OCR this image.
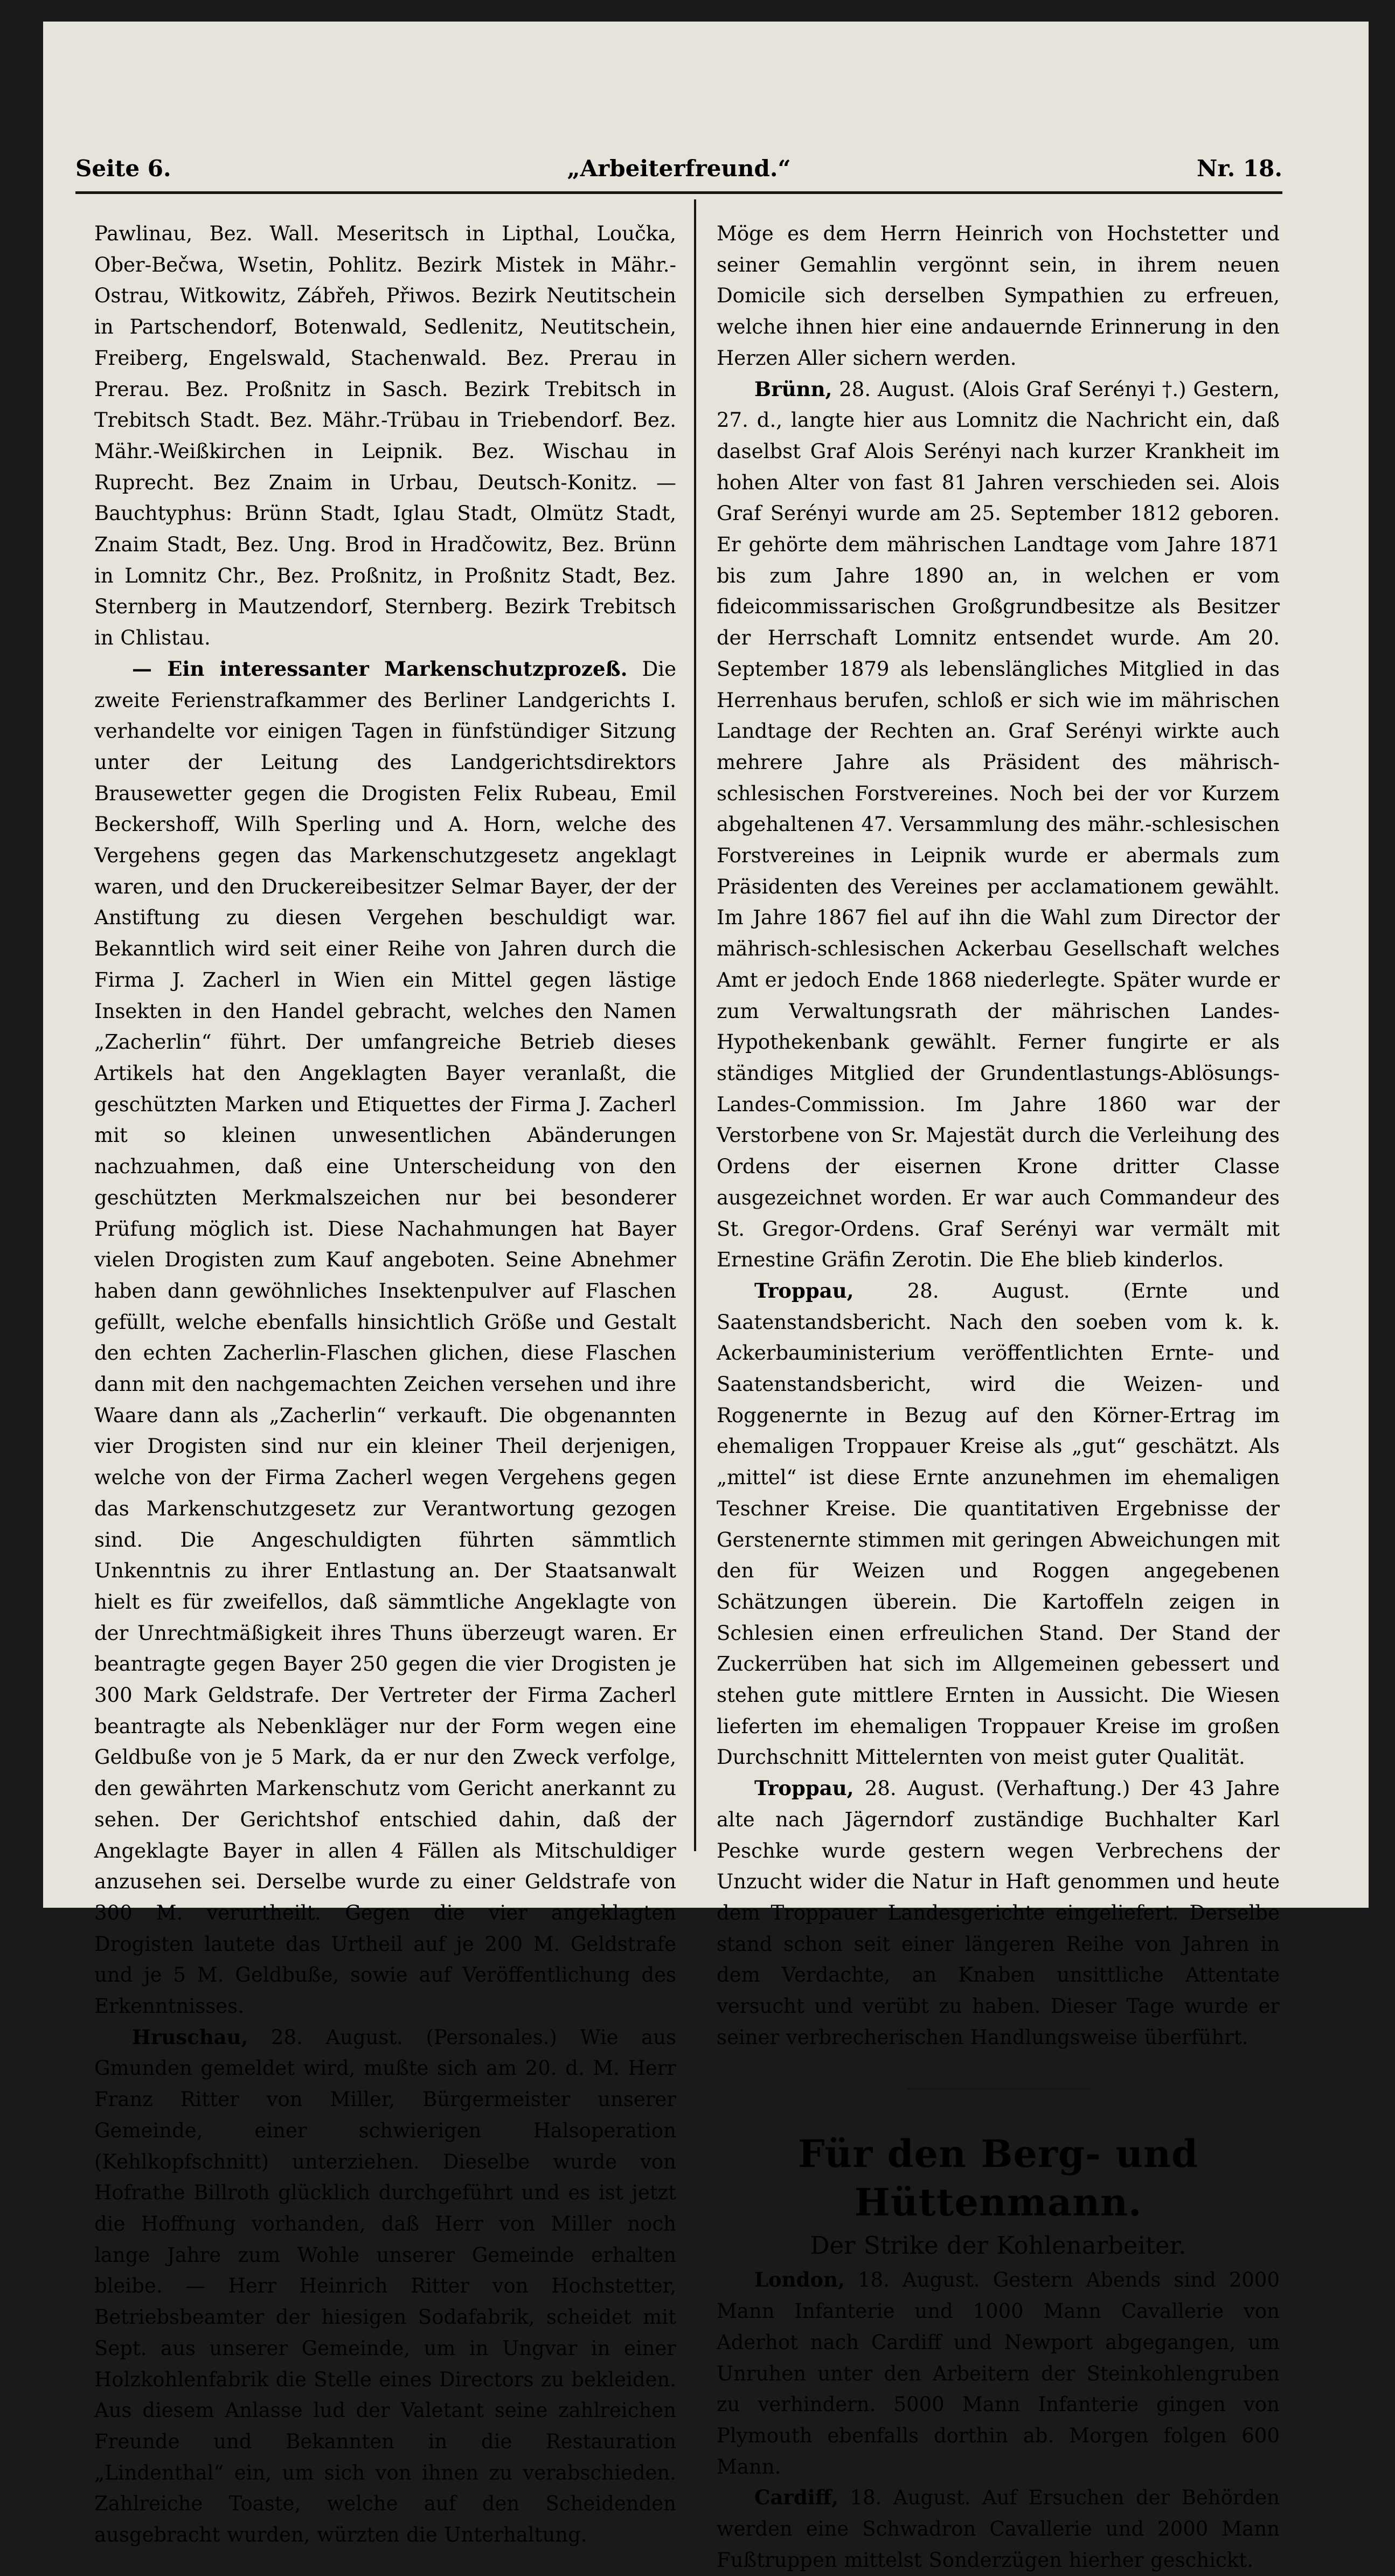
Seite 6.	„Arbeiterfreund.“	Nr. 18.

Pawlinau, Bez. Wall. Meseritsch in Lipthal, Loučka, Ober-Bečwa, Wsetin, Pohlitz. Bezirk Mistek in Mähr.-Ostrau, Witkowitz, Zábřeh, Přiwos. Bezirk Neutitschein in Partschendorf, Botenwald, Sedlenitz, Neutitschein, Freiberg, Engelswald, Stachenwald. Bez. Prerau in Prerau. Bez. Proßnitz in Sasch. Bezirk Trebitsch in Trebitsch Stadt. Bez. Mähr.-Trübau in Triebendorf. Bez. Mähr.-Weißkirchen in Leipnik. Bez. Wischau in Ruprecht. Bez Znaim in Urbau, Deutsch-Konitz. — Bauchtyphus: Brünn Stadt, Iglau Stadt, Olmütz Stadt, Znaim Stadt, Bez. Ung. Brod in Hradčowitz, Bez. Brünn in Lomnitz Chr., Bez. Proßnitz, in Proßnitz Stadt, Bez. Sternberg in Mautzendorf, Sternberg. Bezirk Trebitsch in Chlistau.

— Ein interessanter Markenschutzprozeß. Die zweite Ferienstrafkammer des Berliner Landgerichts I. verhandelte vor einigen Tagen in fünfstündiger Sitzung unter der Leitung des Landgerichtsdirektors Brausewetter gegen die Drogisten Felix Rubeau, Emil Beckershoff, Wilh Sperling und A. Horn, welche des Vergehens gegen das Markenschutzgesetz angeklagt waren, und den Druckereibesitzer Selmar Bayer, der der Anstiftung zu diesen Vergehen beschuldigt war. Bekanntlich wird seit einer Reihe von Jahren durch die Firma J. Zacherl in Wien ein Mittel gegen lästige Insekten in den Handel gebracht, welches den Namen „Zacherlin“ führt. Der umfangreiche Betrieb dieses Artikels hat den Angeklagten Bayer veranlaßt, die geschützten Marken und Etiquettes der Firma J. Zacherl mit so kleinen unwesentlichen Abänderungen nachzuahmen, daß eine Unterscheidung von den geschützten Merkmalszeichen nur bei besonderer Prüfung möglich ist. Diese Nachahmungen hat Bayer vielen Drogisten zum Kauf angeboten. Seine Abnehmer haben dann gewöhnliches Insektenpulver auf Flaschen gefüllt, welche ebenfalls hinsichtlich Größe und Gestalt den echten Zacherlin-Flaschen glichen, diese Flaschen dann mit den nachgemachten Zeichen versehen und ihre Waare dann als „Zacherlin“ verkauft. Die obgenannten vier Drogisten sind nur ein kleiner Theil derjenigen, welche von der Firma Zacherl wegen Vergehens gegen das Markenschutzgesetz zur Verantwortung gezogen sind. Die Angeschuldigten führten sämmtlich Unkenntnis zu ihrer Entlastung an. Der Staatsanwalt hielt es für zweifellos, daß sämmtliche Angeklagte von der Unrechtmäßigkeit ihres Thuns überzeugt waren. Er beantragte gegen Bayer 250 gegen die vier Drogisten je 300 Mark Geldstrafe. Der Vertreter der Firma Zacherl beantragte als Nebenkläger nur der Form wegen eine Geldbuße von je 5 Mark, da er nur den Zweck verfolge, den gewährten Markenschutz vom Gericht anerkannt zu sehen. Der Gerichtshof entschied dahin, daß der Angeklagte Bayer in allen 4 Fällen als Mitschuldiger anzusehen sei. Derselbe wurde zu einer Geldstrafe von 300 M. verurtheilt. Gegen die vier angeklagten Drogisten lautete das Urtheil auf je 200 M. Geldstrafe und je 5 M. Geldbuße, sowie auf Veröffentlichung des Erkenntnisses.

Hruschau, 28. August. (Personales.) Wie aus Gmunden gemeldet wird, mußte sich am 20. d. M. Herr Franz Ritter von Miller, Bürgermeister unserer Gemeinde, einer schwierigen Halsoperation (Kehlkopfschnitt) unterziehen. Dieselbe wurde von Hofrathe Billroth glücklich durchgeführt und es ist jetzt die Hoffnung vorhanden, daß Herr von Miller noch lange Jahre zum Wohle unserer Gemeinde erhalten bleibe. — Herr Heinrich Ritter von Hochstetter, Betriebsbeamter der hiesigen Sodafabrik, scheidet mit Sept. aus unserer Gemeinde, um in Ungvar in einer Holzkohlenfabrik die Stelle eines Directors zu bekleiden. Aus diesem Anlasse lud der Valetant seine zahlreichen Freunde und Bekannten in die Restauration „Lindenthal“ ein, um sich von ihnen zu verabschieden. Zahlreiche Toaste, welche auf den Scheidenden ausgebracht wurden, würzten die Unterhaltung.

Möge es dem Herrn Heinrich von Hochstetter und seiner Gemahlin vergönnt sein, in ihrem neuen Domicile sich derselben Sympathien zu erfreuen, welche ihnen hier eine andauernde Erinnerung in den Herzen Aller sichern werden.

Brünn, 28. August. (Alois Graf Serényi †.) Gestern, 27. d., langte hier aus Lomnitz die Nachricht ein, daß daselbst Graf Alois Serényi nach kurzer Krankheit im hohen Alter von fast 81 Jahren verschieden sei. Alois Graf Serényi wurde am 25. September 1812 geboren. Er gehörte dem mährischen Landtage vom Jahre 1871 bis zum Jahre 1890 an, in welchen er vom fideicommissarischen Großgrundbesitze als Besitzer der Herrschaft Lomnitz entsendet wurde. Am 20. September 1879 als lebenslängliches Mitglied in das Herrenhaus berufen, schloß er sich wie im mährischen Landtage der Rechten an. Graf Serényi wirkte auch mehrere Jahre als Präsident des mährisch-schlesischen Forstvereines. Noch bei der vor Kurzem abgehaltenen 47. Versammlung des mähr.-schlesischen Forstvereines in Leipnik wurde er abermals zum Präsidenten des Vereines per acclamationem gewählt. Im Jahre 1867 fiel auf ihn die Wahl zum Director der mährisch-schlesischen Ackerbau Gesellschaft welches Amt er jedoch Ende 1868 niederlegte. Später wurde er zum Verwaltungsrath der mährischen Landes-Hypothekenbank gewählt. Ferner fungirte er als ständiges Mitglied der Grundentlastungs-Ablösungs-Landes-Commission. Im Jahre 1860 war der Verstorbene von Sr. Majestät durch die Verleihung des Ordens der eisernen Krone dritter Classe ausgezeichnet worden. Er war auch Commandeur des St. Gregor-Ordens. Graf Serényi war vermält mit Ernestine Gräfin Zerotin. Die Ehe blieb kinderlos.

Troppau, 28. August. (Ernte und Saatenstandsbericht. Nach den soeben vom k. k. Ackerbauministerium veröffentlichten Ernte- und Saatenstandsbericht, wird die Weizen- und Roggenernte in Bezug auf den Körner-Ertrag im ehemaligen Troppauer Kreise als „gut“ geschätzt. Als „mittel“ ist diese Ernte anzunehmen im ehemaligen Teschner Kreise. Die quantitativen Ergebnisse der Gerstenernte stimmen mit geringen Abweichungen mit den für Weizen und Roggen angegebenen Schätzungen überein. Die Kartoffeln zeigen in Schlesien einen erfreulichen Stand. Der Stand der Zuckerrüben hat sich im Allgemeinen gebessert und stehen gute mittlere Ernten in Aussicht. Die Wiesen lieferten im ehemaligen Troppauer Kreise im großen Durchschnitt Mittelernten von meist guter Qualität.

Troppau, 28. August. (Verhaftung.) Der 43 Jahre alte nach Jägerndorf zuständige Buchhalter Karl Peschke wurde gestern wegen Verbrechens der Unzucht wider die Natur in Haft genommen und heute dem Troppauer Landesgerichte eingeliefert. Derselbe stand schon seit einer längeren Reihe von Jahren in dem Verdachte, an Knaben unsittliche Attentate versucht und verübt zu haben. Dieser Tage wurde er seiner verbrecherischen Handlungsweise überführt.

Für den Berg- und Hüttenmann.

Der Strike der Kohlenarbeiter.

London, 18. August. Gestern Abends sind 2000 Mann Infanterie und 1000 Mann Cavallerie von Aderhot nach Cardiff und Newport abgegangen, um Unruhen unter den Arbeitern der Steinkohlengruben zu verhindern. 5000 Mann Infanterie gingen von Plymouth ebenfalls dorthin ab. Morgen folgen 600 Mann.

Cardiff, 18. August. Auf Ersuchen der Behörden werden eine Schwadron Cavallerie und 2000 Mann Fußtruppen mittelst Sonderzügen hierher geschickt.
